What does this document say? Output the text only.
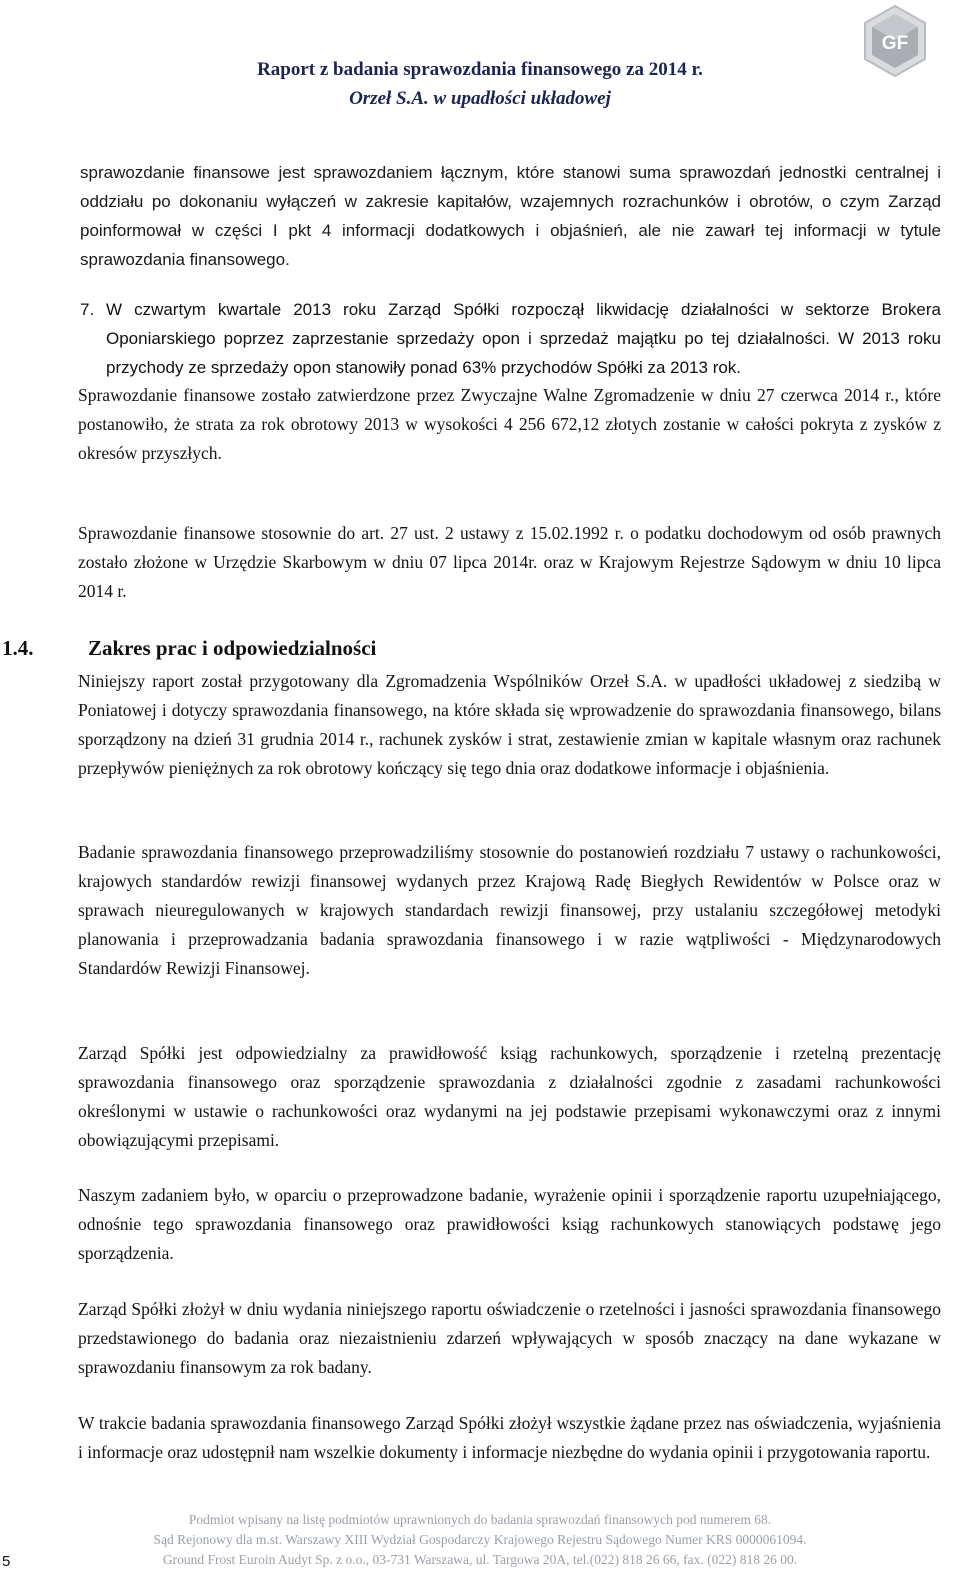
Raport z badania sprawozdania finansowego za 2014 r.
Orzeł S.A. w upadłości układowej
GF

sprawozdanie finansowe jest sprawozdaniem łącznym, które stanowi suma sprawozdań jednostki centralnej i oddziału po dokonaniu wyłączeń w zakresie kapitałów, wzajemnych rozrachunków i obrotów, o czym Zarząd poinformował w części I pkt 4 informacji dodatkowych i objaśnień, ale nie zawarł tej informacji w tytule sprawozdania finansowego.

7. W czwartym kwartale 2013 roku Zarząd Spółki rozpoczął likwidację działalności w sektorze Brokera Oponiarskiego poprzez zaprzestanie sprzedaży opon i sprzedaż majątku po tej działalności. W 2013 roku przychody ze sprzedaży opon stanowiły ponad 63% przychodów Spółki za 2013 rok.

Sprawozdanie finansowe zostało zatwierdzone przez Zwyczajne Walne Zgromadzenie w dniu 27 czerwca 2014 r., które postanowiło, że strata za rok obrotowy 2013 w wysokości 4 256 672,12 złotych zostanie w całości pokryta z zysków z okresów przyszłych.

Sprawozdanie finansowe stosownie do art. 27 ust. 2 ustawy z 15.02.1992 r. o podatku dochodowym od osób prawnych zostało złożone w Urzędzie Skarbowym w dniu 07 lipca 2014r. oraz w Krajowym Rejestrze Sądowym w dniu 10 lipca 2014 r.

1.4.	Zakres prac i odpowiedzialności

Niniejszy raport został przygotowany dla Zgromadzenia Wspólników Orzeł S.A. w upadłości układowej z siedzibą w Poniatowej i dotyczy sprawozdania finansowego, na które składa się wprowadzenie do sprawozdania finansowego, bilans sporządzony na dzień 31 grudnia 2014 r., rachunek zysków i strat, zestawienie zmian w kapitale własnym oraz rachunek przepływów pieniężnych za rok obrotowy kończący się tego dnia oraz dodatkowe informacje i objaśnienia.

Badanie sprawozdania finansowego przeprowadziliśmy stosownie do postanowień rozdziału 7 ustawy o rachunkowości, krajowych standardów rewizji finansowej wydanych przez Krajową Radę Biegłych Rewidentów w Polsce oraz w sprawach nieuregulowanych w krajowych standardach rewizji finansowej, przy ustalaniu szczegółowej metodyki planowania i przeprowadzania badania sprawozdania finansowego i w razie wątpliwości - Międzynarodowych Standardów Rewizji Finansowej.

Zarząd Spółki jest odpowiedzialny za prawidłowość ksiąg rachunkowych, sporządzenie i rzetelną prezentację sprawozdania finansowego oraz sporządzenie sprawozdania z działalności zgodnie z zasadami rachunkowości określonymi w ustawie o rachunkowości oraz wydanymi na jej podstawie przepisami wykonawczymi oraz z innymi obowiązującymi przepisami.

Naszym zadaniem było, w oparciu o przeprowadzone badanie, wyrażenie opinii i sporządzenie raportu uzupełniającego, odnośnie tego sprawozdania finansowego oraz prawidłowości ksiąg rachunkowych stanowiących podstawę jego sporządzenia.

Zarząd Spółki złożył w dniu wydania niniejszego raportu oświadczenie o rzetelności i jasności sprawozdania finansowego przedstawionego do badania oraz niezaistnieniu zdarzeń wpływających w sposób znaczący na dane wykazane w sprawozdaniu finansowym za rok badany.

W trakcie badania sprawozdania finansowego Zarząd Spółki złożył wszystkie żądane przez nas oświadczenia, wyjaśnienia i informacje oraz udostępnił nam wszelkie dokumenty i informacje niezbędne do wydania opinii i przygotowania raportu.

Podmiot wpisany na listę podmiotów uprawnionych do badania sprawozdań finansowych pod numerem 68.
Sąd Rejonowy dla m.st. Warszawy XIII Wydział Gospodarczy Krajowego Rejestru Sądowego Numer KRS 0000061094.
Ground Frost Euroin Audyt Sp. z o.o., 03-731 Warszawa, ul. Targowa 20A, tel.(022) 818 26 66, fax. (022) 818 26 00.
5
